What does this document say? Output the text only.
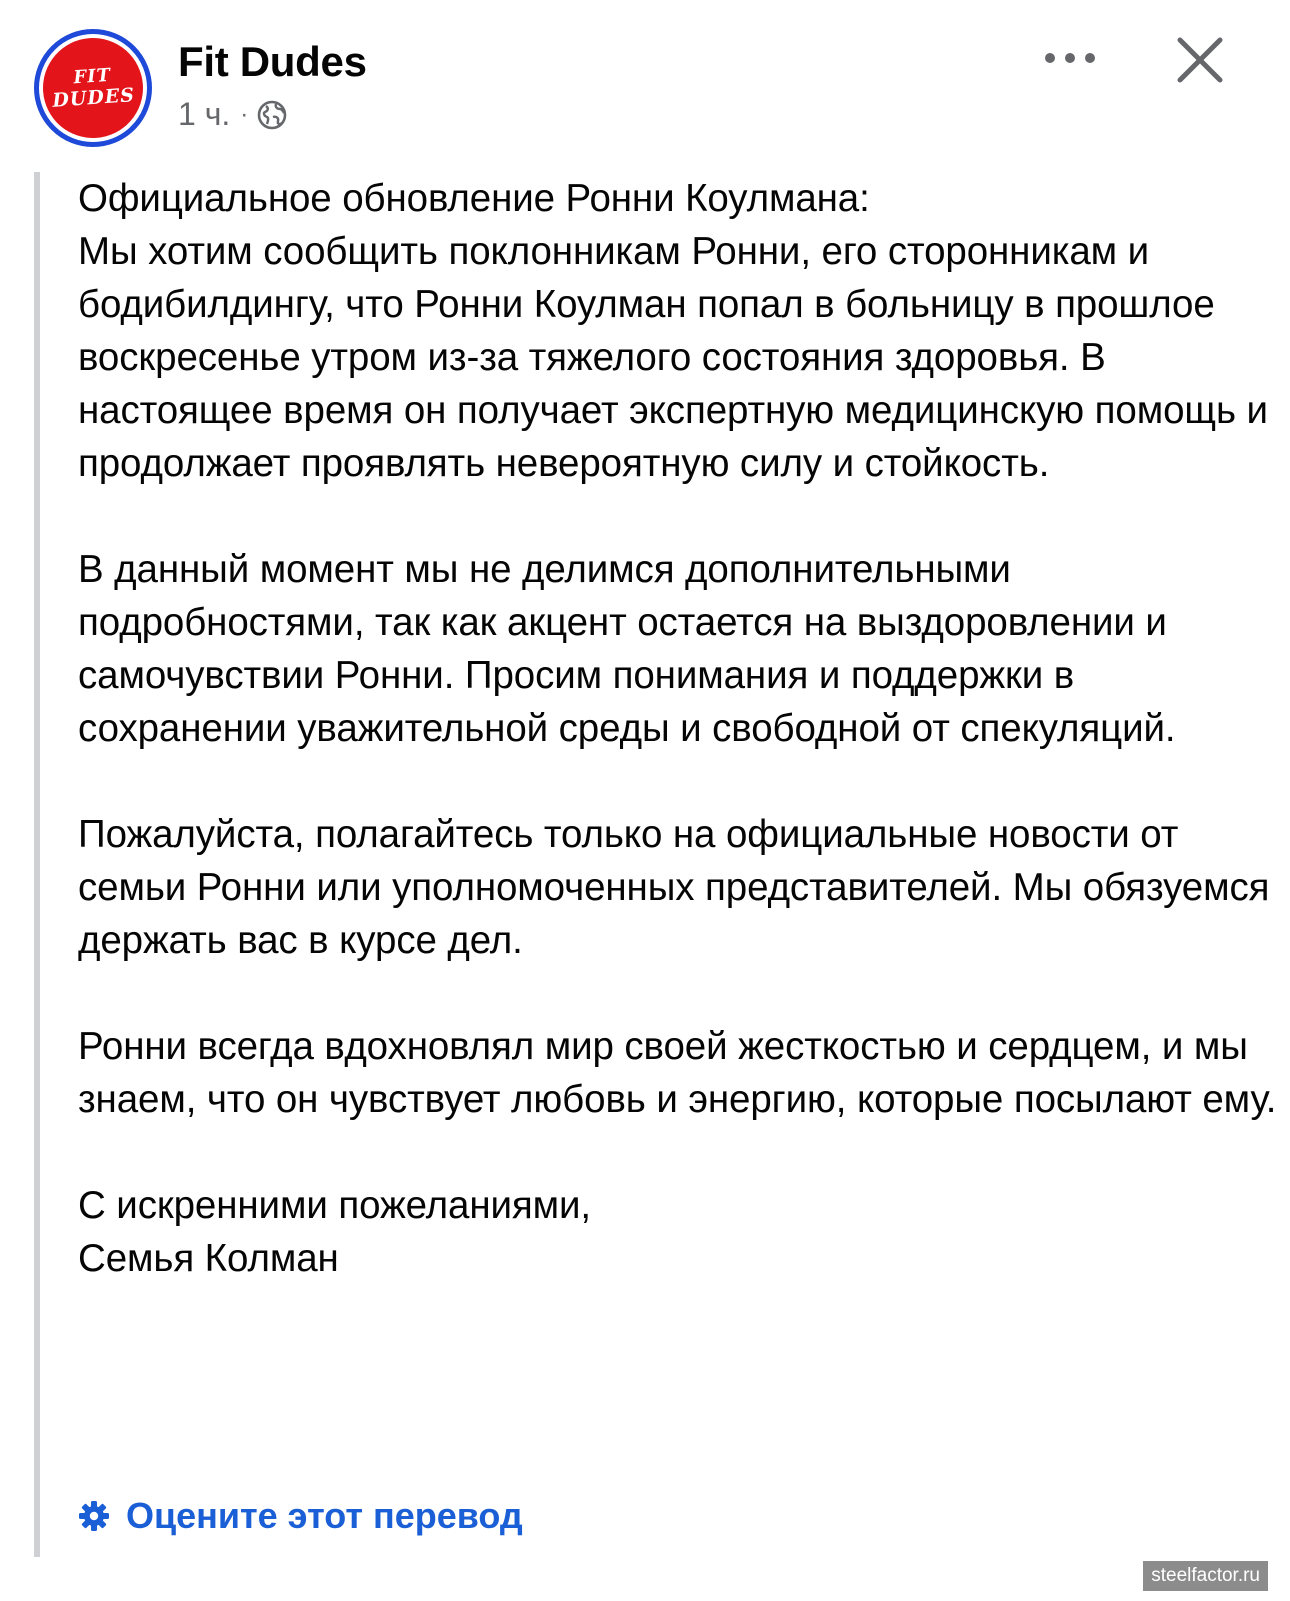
FIT
DUDES
Fit Dudes
1 ч. ·

Официальное обновление Ронни Коулмана:
Мы хотим сообщить поклонникам Ронни, его сторонникам и бодибилдингу, что Ронни Коулман попал в больницу в прошлое воскресенье утром из-за тяжелого состояния здоровья. В настоящее время он получает экспертную медицинскую помощь и продолжает проявлять невероятную силу и стойкость.

В данный момент мы не делимся дополнительными подробностями, так как акцент остается на выздоровлении и самочувствии Ронни. Просим понимания и поддержки в сохранении уважительной среды и свободной от спекуляций.

Пожалуйста, полагайтесь только на официальные новости от семьи Ронни или уполномоченных представителей. Мы обязуемся держать вас в курсе дел.

Ронни всегда вдохновлял мир своей жесткостью и сердцем, и мы знаем, что он чувствует любовь и энергию, которые посылают ему.

С искренними пожеланиями,
Семья Колман

Оцените этот перевод
steelfactor.ru
